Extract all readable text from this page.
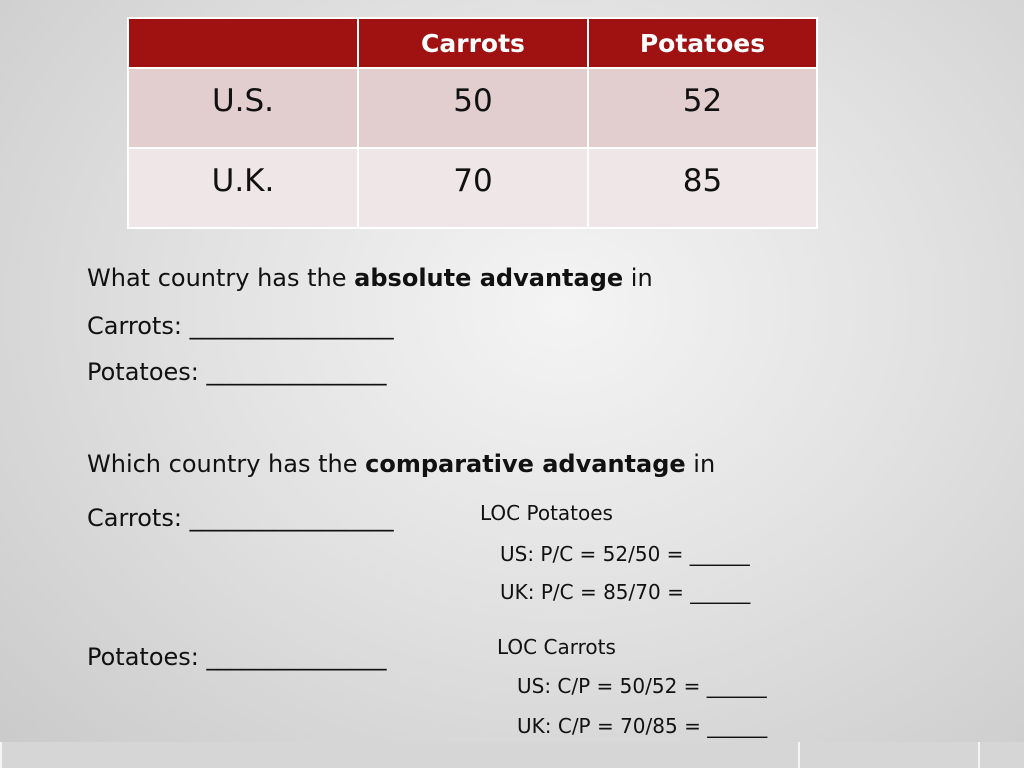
	Carrots	Potatoes
U.S.	50	52
U.K.	70	85
What country has the absolute advantage in
Carrots: _________________
Potatoes: _______________
Which country has the comparative advantage in
Carrots: _________________
Potatoes: _______________
LOC Potatoes
US: P/C = 52/50 = ______
UK: P/C = 85/70 = ______
LOC Carrots
US: C/P = 50/52 = ______
UK: C/P = 70/85 = ______
